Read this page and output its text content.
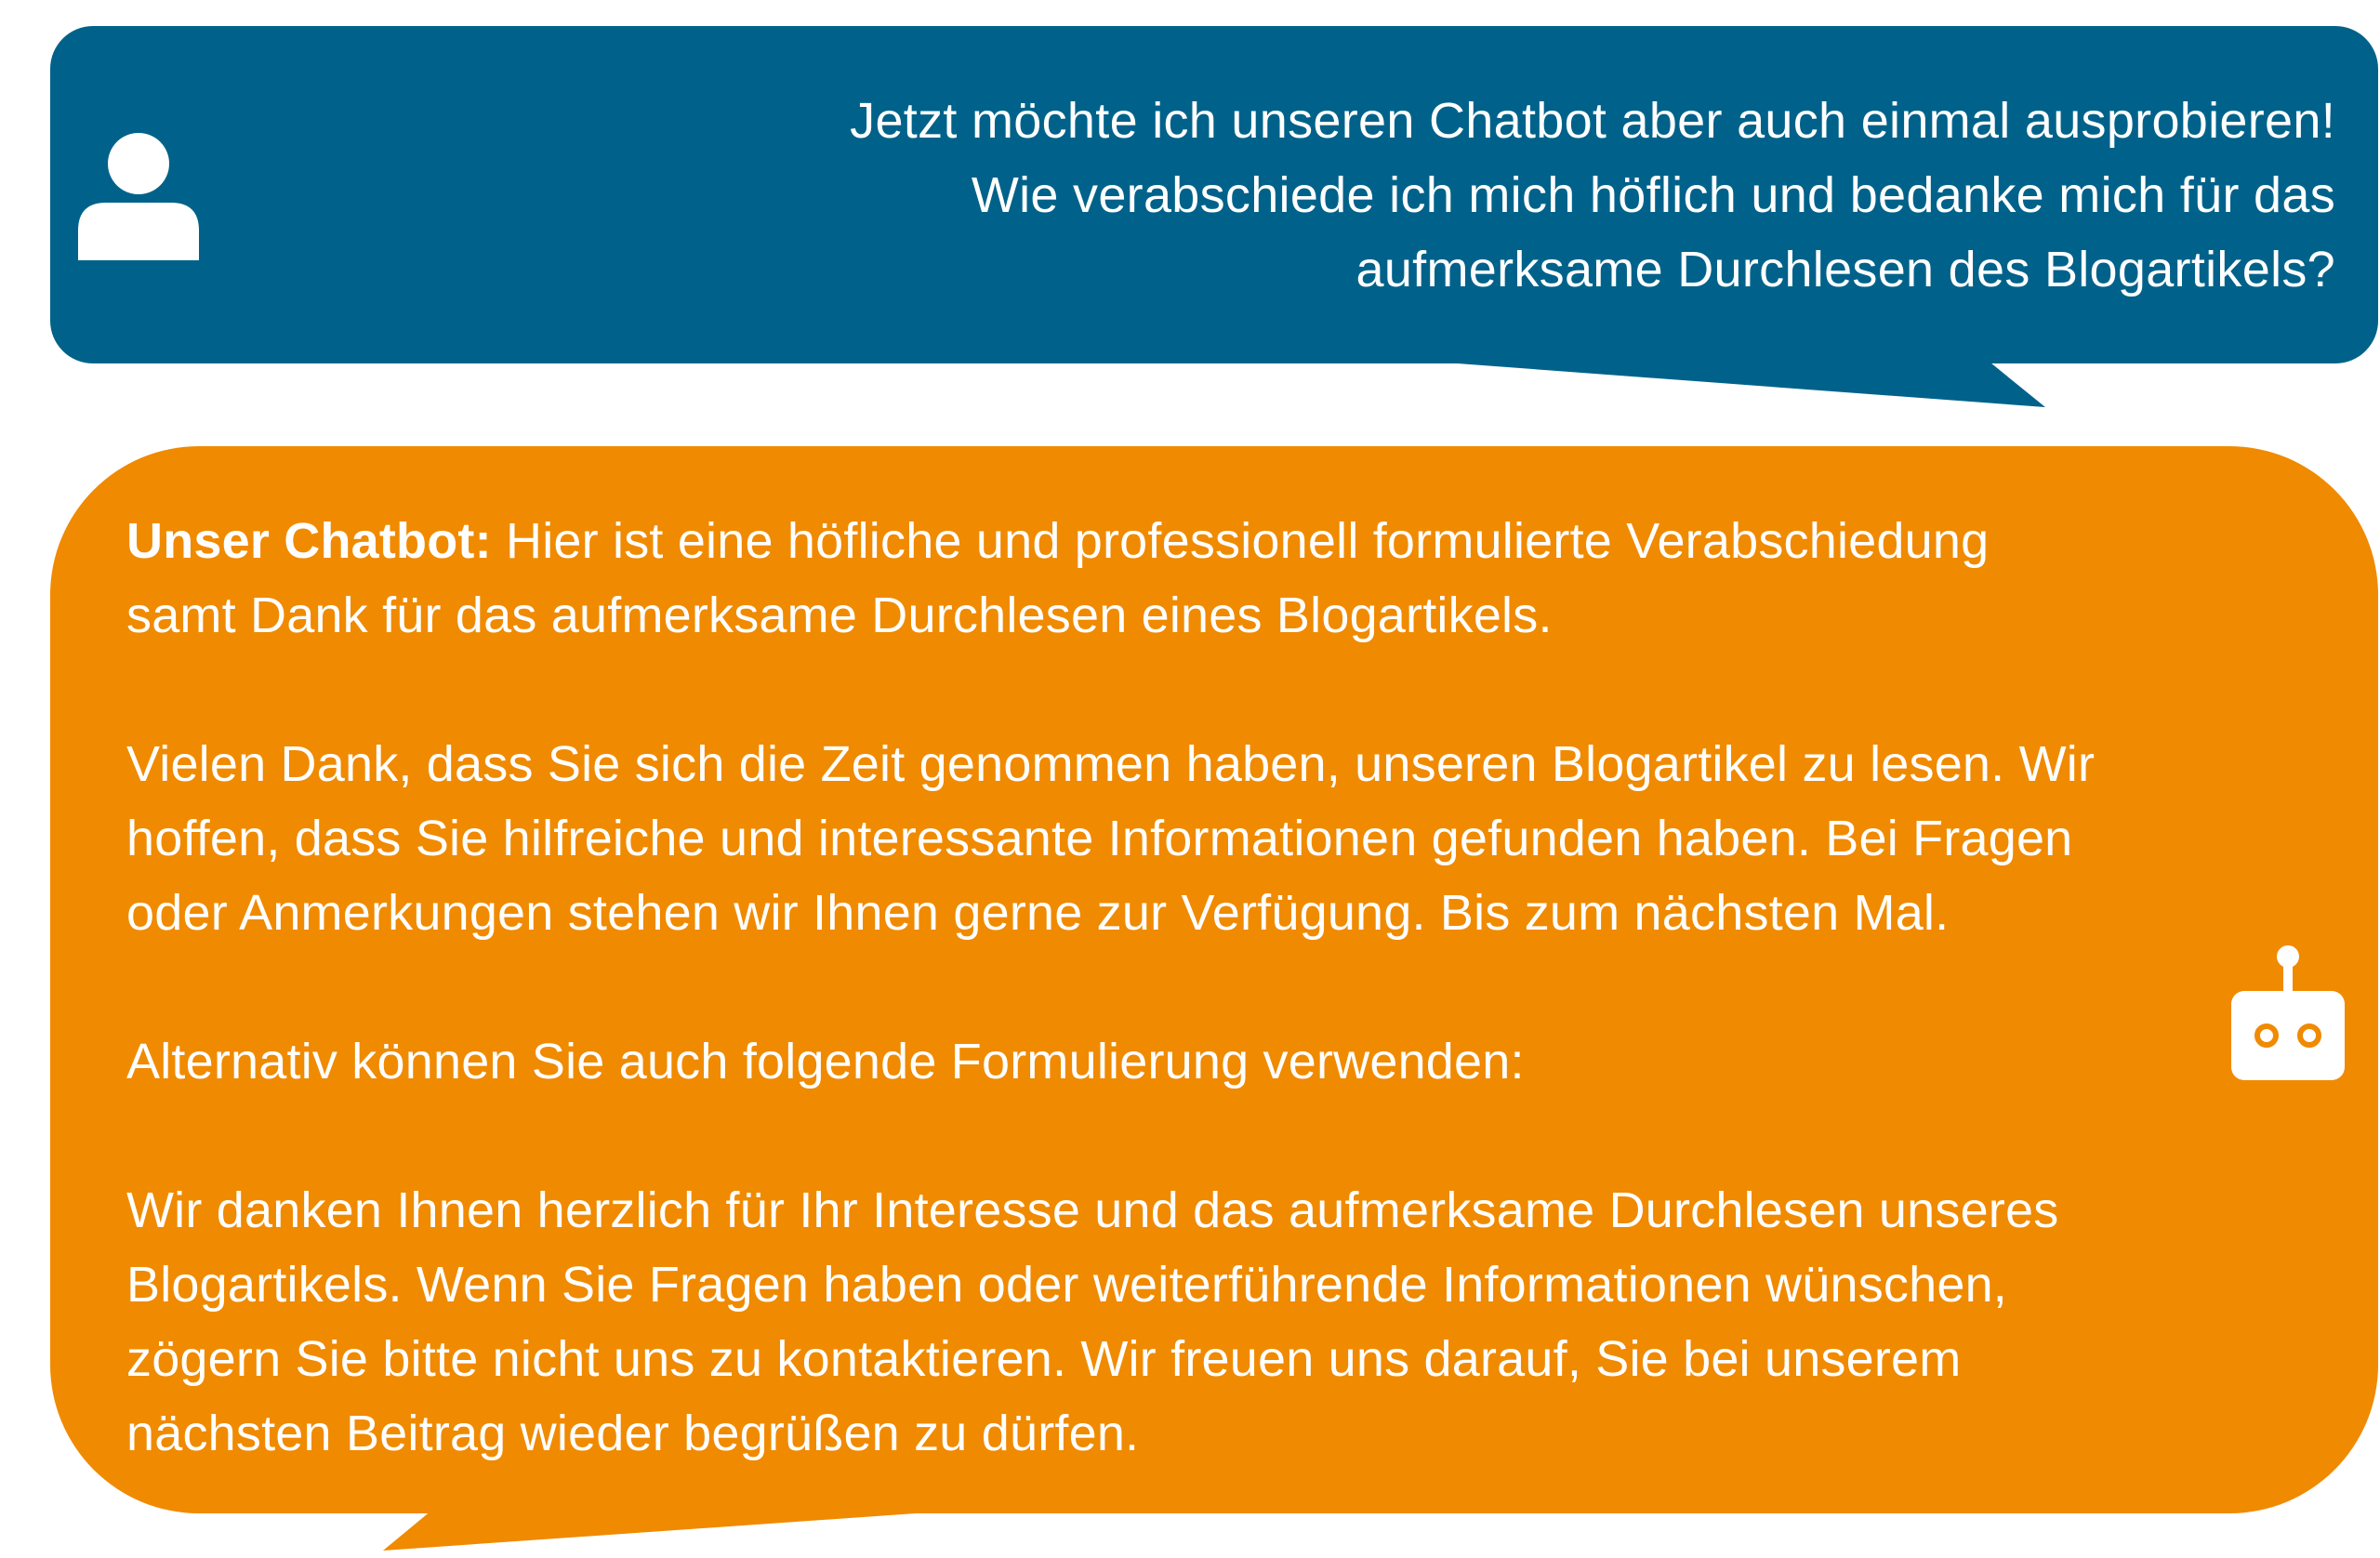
Jetzt möchte ich unseren Chatbot aber auch einmal ausprobieren!
Wie verabschiede ich mich höflich und bedanke mich für das
aufmerksame Durchlesen des Blogartikels?

Unser Chatbot: Hier ist eine höfliche und professionell formulierte Verabschiedung
samt Dank für das aufmerksame Durchlesen eines Blogartikels.

Vielen Dank, dass Sie sich die Zeit genommen haben, unseren Blogartikel zu lesen. Wir
hoffen, dass Sie hilfreiche und interessante Informationen gefunden haben. Bei Fragen
oder Anmerkungen stehen wir Ihnen gerne zur Verfügung. Bis zum nächsten Mal.

Alternativ können Sie auch folgende Formulierung verwenden:

Wir danken Ihnen herzlich für Ihr Interesse und das aufmerksame Durchlesen unseres
Blogartikels. Wenn Sie Fragen haben oder weiterführende Informationen wünschen,
zögern Sie bitte nicht uns zu kontaktieren. Wir freuen uns darauf, Sie bei unserem
nächsten Beitrag wieder begrüßen zu dürfen.
